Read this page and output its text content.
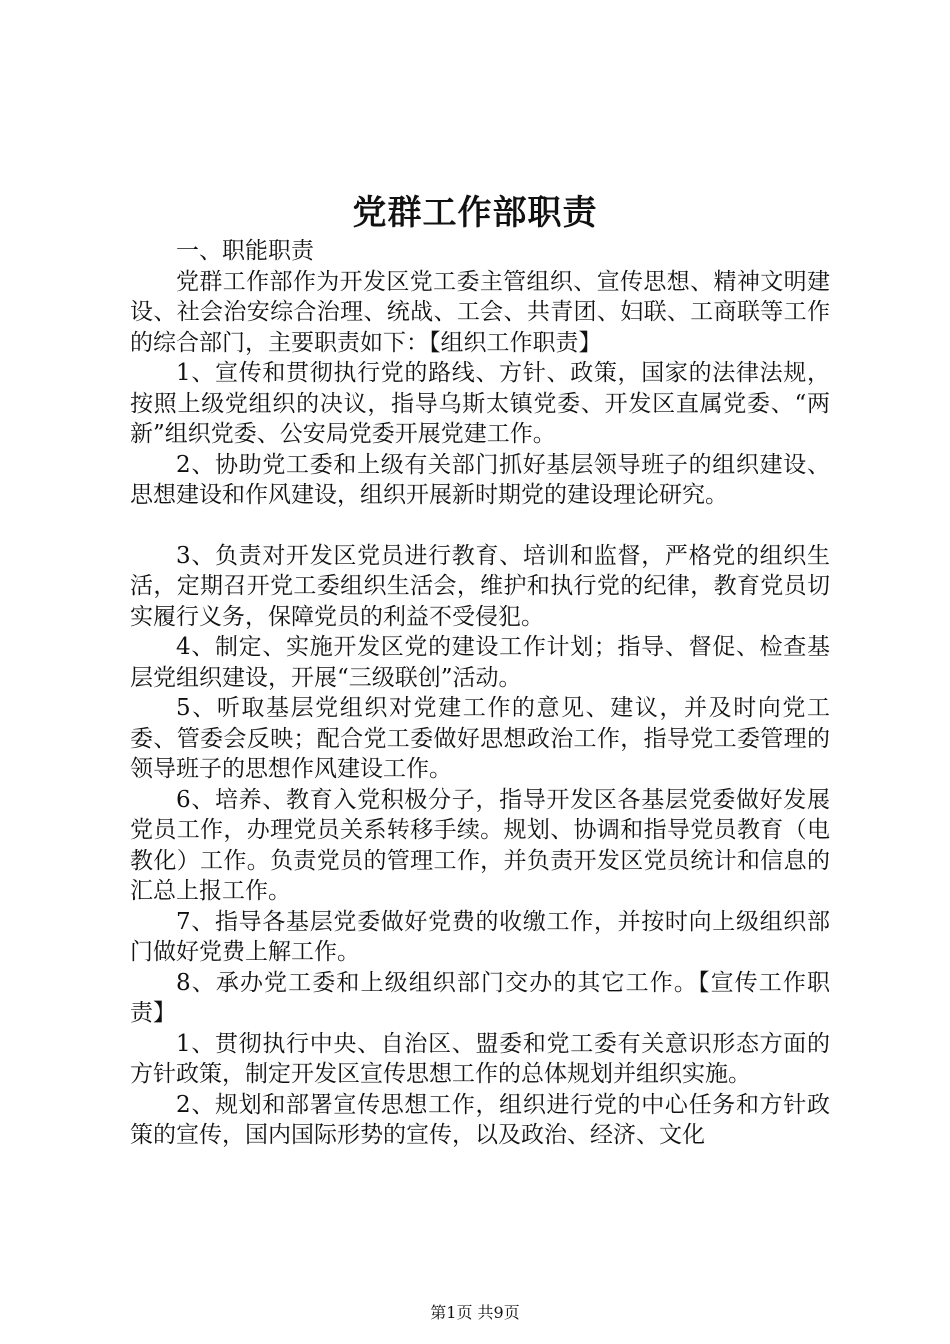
党群工作部职责

一、职能职责

党群工作部作为开发区党工委主管组织、宣传思想、精神文明建设、社会治安综合治理、统战、工会、共青团、妇联、工商联等工作的综合部门，主要职责如下：【组织工作职责】

1、宣传和贯彻执行党的路线、方针、政策，国家的法律法规，按照上级党组织的决议，指导乌斯太镇党委、开发区直属党委、“两新”组织党委、公安局党委开展党建工作。

2、协助党工委和上级有关部门抓好基层领导班子的组织建设、思想建设和作风建设，组织开展新时期党的建设理论研究。

3、负责对开发区党员进行教育、培训和监督，严格党的组织生活，定期召开党工委组织生活会，维护和执行党的纪律，教育党员切实履行义务，保障党员的利益不受侵犯。

4、制定、实施开发区党的建设工作计划；指导、督促、检查基层党组织建设，开展“三级联创”活动。

5、听取基层党组织对党建工作的意见、建议，并及时向党工委、管委会反映；配合党工委做好思想政治工作，指导党工委管理的领导班子的思想作风建设工作。

6、培养、教育入党积极分子，指导开发区各基层党委做好发展党员工作，办理党员关系转移手续。规划、协调和指导党员教育（电教化）工作。负责党员的管理工作，并负责开发区党员统计和信息的汇总上报工作。

7、指导各基层党委做好党费的收缴工作，并按时向上级组织部门做好党费上解工作。

8、承办党工委和上级组织部门交办的其它工作。【宣传工作职责】

1、贯彻执行中央、自治区、盟委和党工委有关意识形态方面的方针政策，制定开发区宣传思想工作的总体规划并组织实施。

2、规划和部署宣传思想工作，组织进行党的中心任务和方针政策的宣传，国内国际形势的宣传，以及政治、经济、文化

第1页 共9页
